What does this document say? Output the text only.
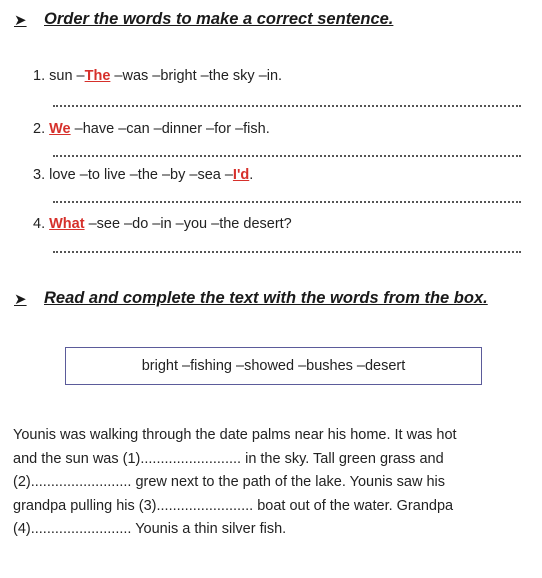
➤	Order the words to make a correct sentence.
1. sun –The –was –bright –the sky –in.
2. We –have –can –dinner –for –fish.
3. love –to live –the –by –sea –I'd.
4. What –see –do –in –you –the desert?
➤	Read and complete the text with the words from the box.
bright –fishing –showed –bushes –desert
Younis was walking through the date palms near his home. It was hot
and the sun was (1)......................... in the sky. Tall green grass and
(2)......................... grew next to the path of the lake. Younis saw his
grandpa pulling his (3)........................ boat out of the water. Grandpa
(4)......................... Younis a thin silver fish.
